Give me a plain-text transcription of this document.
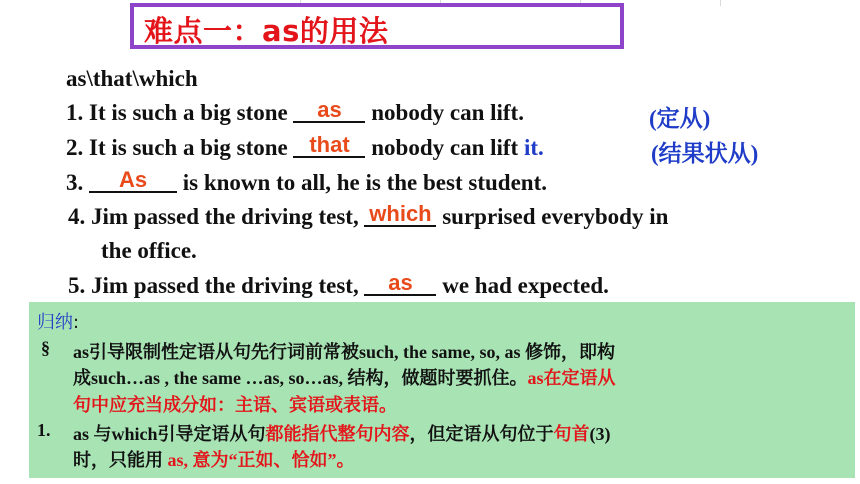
难点一：as的用法
as\that\which
1. It is such a big stone as
nobody can lift.	(定从)
2. It is such a big stone that
nobody can lift it.	(结果状从)
3. As
is known to all, he is the best student.
4. Jim passed the driving test, which
surprised everybody in
the office.
5. Jim passed the driving test, as
we had expected.
归纳:
§ as引导限制性定语从句先行词前常被such, the same, so, as 修饰，即构
成such…as , the same …as, so…as, 结构，做题时要抓住。as在定语从
句中应充当成分如：主语、宾语或表语。
1. as 与which引导定语从句都能指代整句内容，但定语从句位于句首(3)
时，只能用 as, 意为“正如、恰如”。
